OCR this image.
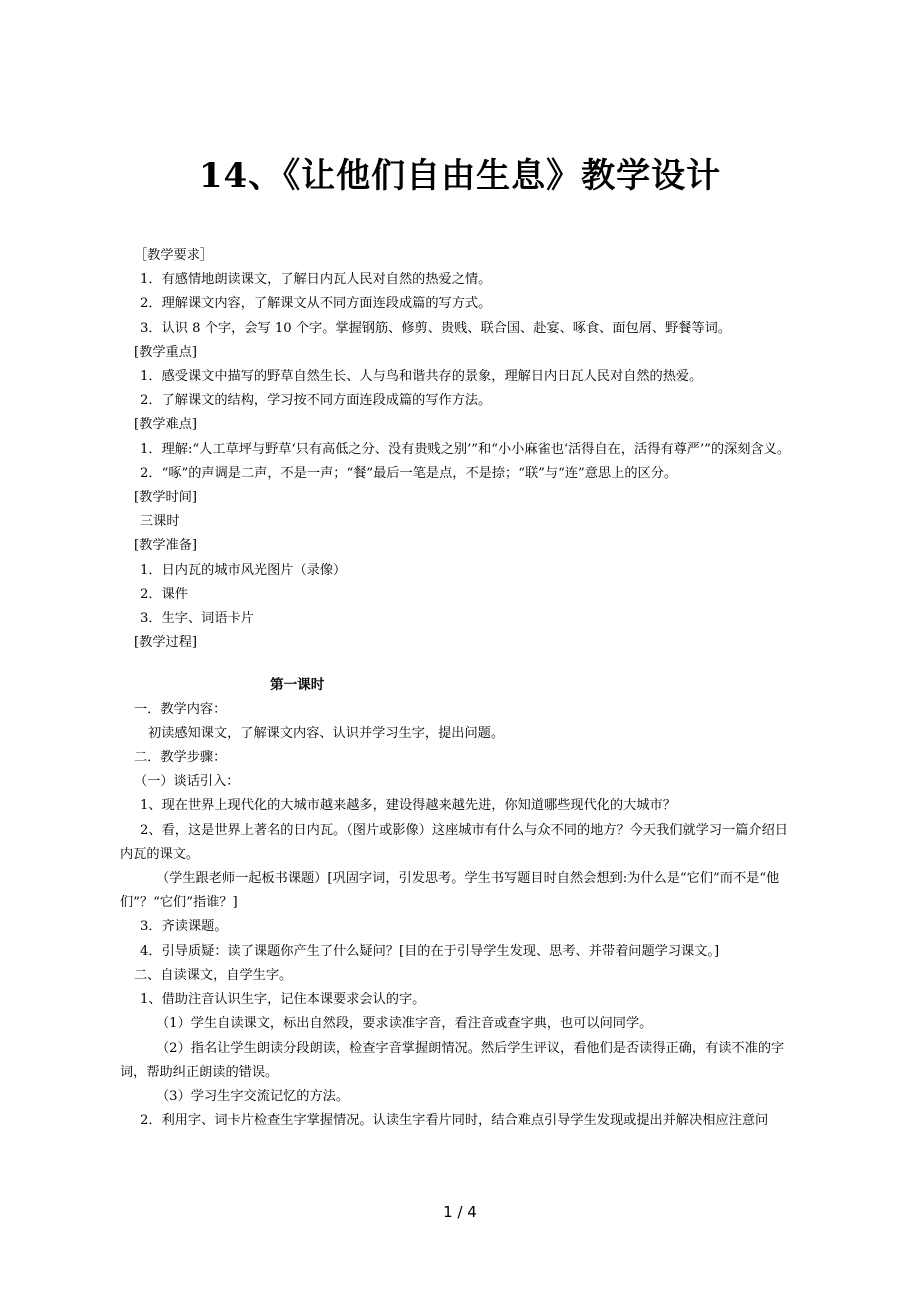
14、《让他们自由生息》教学设计
［教学要求］
1．有感情地朗读课文，了解日内瓦人民对自然的热爱之情。
2．理解课文内容，了解课文从不同方面连段成篇的写方式。
3．认识 8 个字，会写 10 个字。掌握钢筋、修剪、贵贱、联合国、赴宴、啄食、面包屑、野餐等词。
[教学重点]
1．感受课文中描写的野草自然生长、人与鸟和谐共存的景象，理解日内日瓦人民对自然的热爱。
2．了解课文的结构，学习按不同方面连段成篇的写作方法。
[教学难点]
1．理解:“人工草坪与野草‘只有高低之分、没有贵贱之别’”和“小小麻雀也‘活得自在，活得有尊严’”的深刻含义。
2．“啄”的声调是二声，不是一声；“餐”最后一笔是点，不是捺；“联”与“连”意思上的区分。
[教学时间]
三课时
[教学准备]
1．日内瓦的城市风光图片（录像）
2．课件
3．生字、词语卡片
[教学过程]
第一课时
一．教学内容：
初读感知课文，了解课文内容、认识并学习生字，提出问题。
二．教学步骤：
（一）谈话引入：
1、现在世界上现代化的大城市越来越多，建设得越来越先进，你知道哪些现代化的大城市？
2、看，这是世界上著名的日内瓦。（图片或影像）这座城市有什么与众不同的地方？今天我们就学习一篇介绍日内瓦的课文。
（学生跟老师一起板书课题）[巩固字词，引发思考。学生书写题目时自然会想到:为什么是“它们”而不是“他们”？“它们”指谁？]
3．齐读课题。
4．引导质疑：读了课题你产生了什么疑问？[目的在于引导学生发现、思考、并带着问题学习课文。]
二、自读课文，自学生字。
1、借助注音认识生字，记住本课要求会认的字。
（1）学生自读课文，标出自然段，要求读准字音，看注音或查字典，也可以问同学。
（2）指名让学生朗读分段朗读，检查字音掌握朗情况。然后学生评议，看他们是否读得正确，有读不准的字词，帮助纠正朗读的错误。
（3）学习生字交流记忆的方法。
2．利用字、词卡片检查生字掌握情况。认读生字看片同时，结合难点引导学生发现或提出并解决相应注意问
1 / 4
